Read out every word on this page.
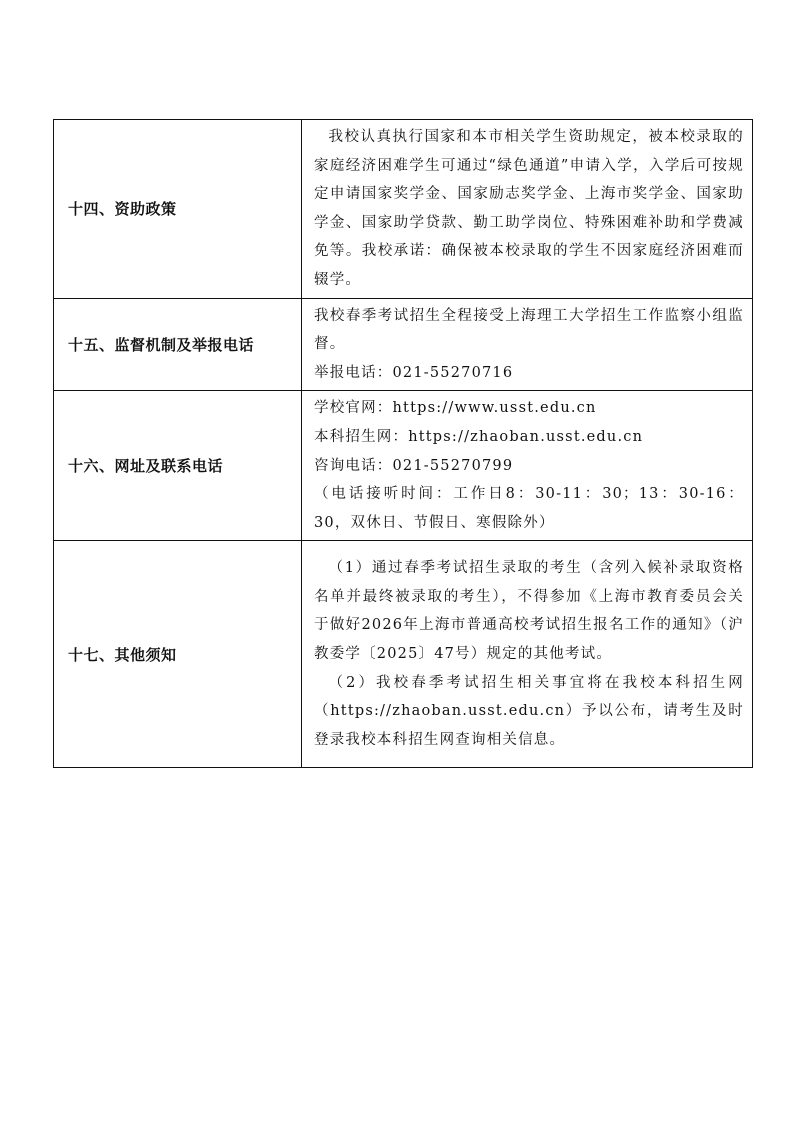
十四、资助政策	我校认真执行国家和本市相关学生资助规定，被本校录取的家庭经济困难学生可通过“绿色通道”申请入学，入学后可按规定申请国家奖学金、国家励志奖学金、上海市奖学金、国家助学金、国家助学贷款、勤工助学岗位、特殊困难补助和学费减免等。我校承诺：确保被本校录取的学生不因家庭经济困难而辍学。

十五、监督机制及举报电话	我校春季考试招生全程接受上海理工大学招生工作监察小组监督。
举报电话：021-55270716

十六、网址及联系电话	学校官网：https://www.usst.edu.cn
本科招生网：https://zhaoban.usst.edu.cn
咨询电话：021-55270799
（电话接听时间：工作日8：30-11：30；13：30-16：30，双休日、节假日、寒假除外）

十七、其他须知	（1）通过春季考试招生录取的考生（含列入候补录取资格名单并最终被录取的考生），不得参加《上海市教育委员会关于做好2026年上海市普通高校考试招生报名工作的通知》（沪教委学〔2025〕47号）规定的其他考试。
（2）我校春季考试招生相关事宜将在我校本科招生网（https://zhaoban.usst.edu.cn）予以公布，请考生及时登录我校本科招生网查询相关信息。
